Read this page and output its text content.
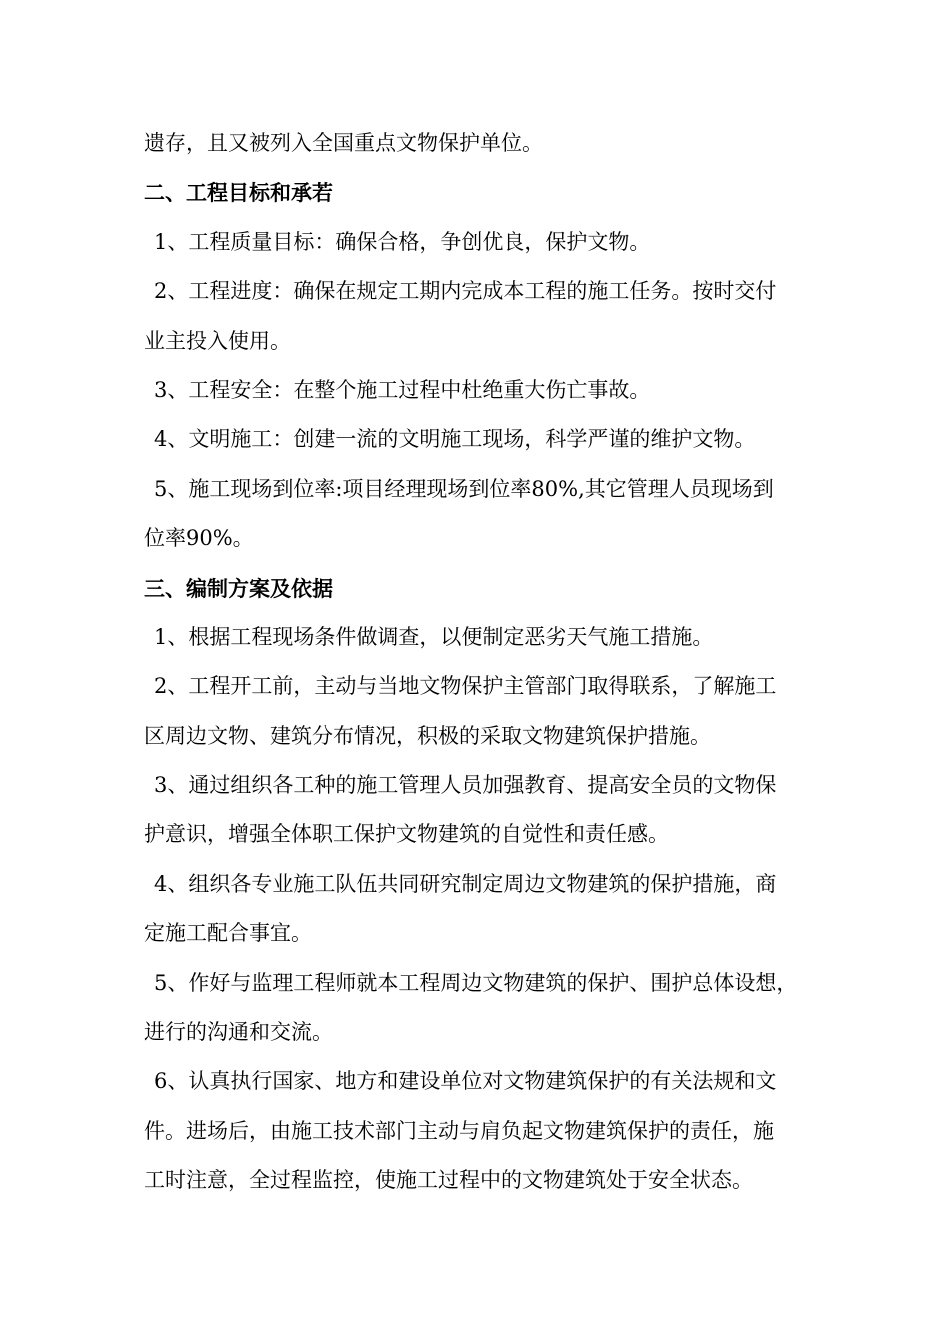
遗存，且又被列入全国重点文物保护单位。
二、工程目标和承若
1、工程质量目标：确保合格，争创优良，保护文物。
2、工程进度：确保在规定工期内完成本工程的施工任务。按时交付
业主投入使用。
3、工程安全：在整个施工过程中杜绝重大伤亡事故。
4、文明施工：创建一流的文明施工现场，科学严谨的维护文物。
5、施工现场到位率:项目经理现场到位率80%,其它管理人员现场到
位率90%。
三、编制方案及依据
1、根据工程现场条件做调查，以便制定恶劣天气施工措施。
2、工程开工前，主动与当地文物保护主管部门取得联系，了解施工
区周边文物、建筑分布情况，积极的采取文物建筑保护措施。
3、通过组织各工种的施工管理人员加强教育、提高安全员的文物保
护意识，增强全体职工保护文物建筑的自觉性和责任感。
4、组织各专业施工队伍共同研究制定周边文物建筑的保护措施，商
定施工配合事宜。
5、作好与监理工程师就本工程周边文物建筑的保护、围护总体设想，
进行的沟通和交流。
6、认真执行国家、地方和建设单位对文物建筑保护的有关法规和文
件。进场后，由施工技术部门主动与肩负起文物建筑保护的责任，施
工时注意，全过程监控，使施工过程中的文物建筑处于安全状态。
